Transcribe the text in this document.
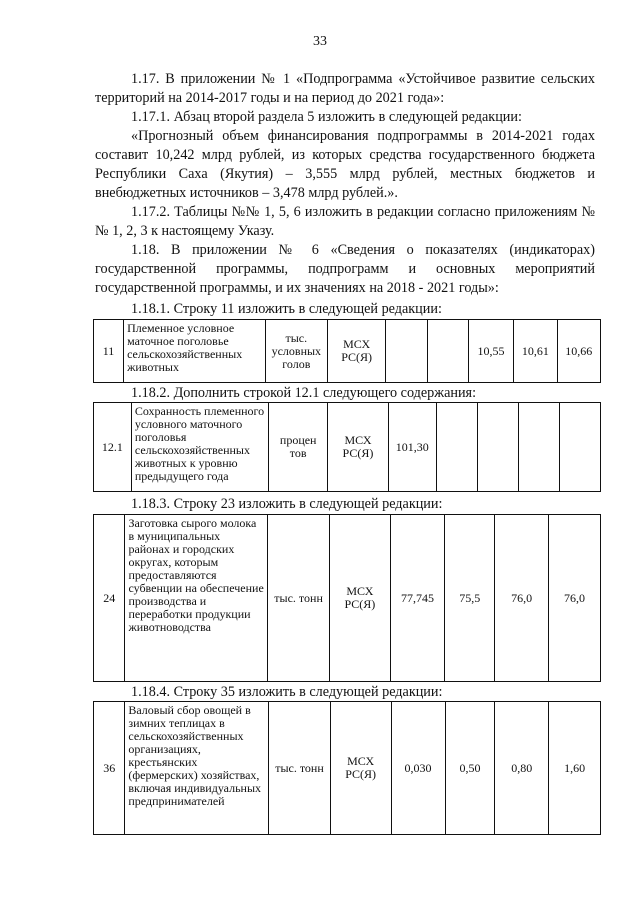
33
1.17. В приложении № 1 «Подпрограмма «Устойчивое развитие сельских территорий на 2014-2017 годы и на период до 2021 года»:
1.17.1. Абзац второй раздела 5 изложить в следующей редакции:
«Прогнозный объем финансирования подпрограммы в 2014-2021 годах составит 10,242 млрд рублей, из которых средства государственного бюджета Республики Саха (Якутия) – 3,555 млрд рублей, местных бюджетов и внебюджетных источников – 3,478 млрд рублей.».
1.17.2. Таблицы №№ 1, 5, 6 изложить в редакции согласно приложениям №№ 1, 2, 3 к настоящему Указу.
1.18. В приложении № 6 «Сведения о показателях (индикаторах) государственной программы, подпрограмм и основных мероприятий государственной программы, и их значениях на 2018 - 2021 годы»:
1.18.1. Строку 11 изложить в следующей редакции:
11	Племенное условное маточное поголовье сельскохозяйственных животных	тыс. условных голов	МСХ РС(Я)			10,55	10,61	10,66
1.18.2. Дополнить строкой 12.1 следующего содержания:
12.1	Сохранность племенного условного маточного поголовья сельскохозяйственных животных к уровню предыдущего года	процен тов	МСХ РС(Я)	101,30				
1.18.3. Строку 23 изложить в следующей редакции:
24	Заготовка сырого молока в муниципальных районах и городских округах, которым предоставляются субвенции на обеспечение производства и переработки продукции животноводства	тыс. тонн	МСХ РС(Я)	77,745	75,5	76,0	76,0
1.18.4. Строку 35 изложить в следующей редакции:
36	Валовый сбор овощей в зимних теплицах в сельскохозяйственных организациях, крестьянских (фермерских) хозяйствах, включая индивидуальных предпринимателей	тыс. тонн	МСХ РС(Я)	0,030	0,50	0,80	1,60
